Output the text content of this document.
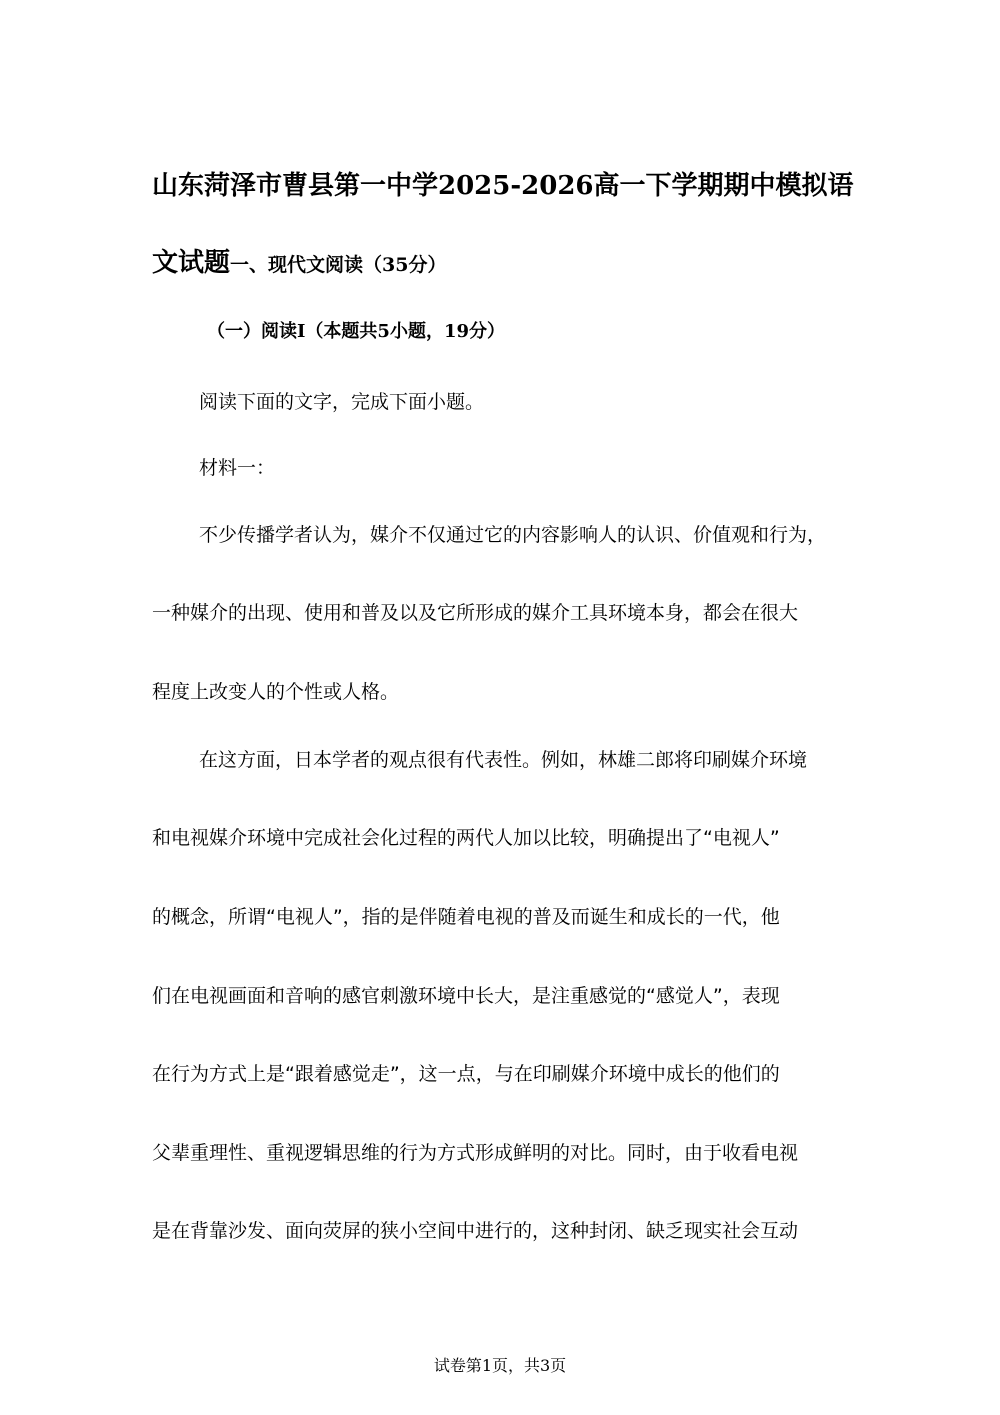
山东菏泽市曹县第一中学2025-2026高一下学期期中模拟语
文试题一、现代文阅读（35分）
（一）阅读I（本题共5小题，19分）
阅读下面的文字，完成下面小题。
材料一：
不少传播学者认为，媒介不仅通过它的内容影响人的认识、价值观和行为，
一种媒介的出现、使用和普及以及它所形成的媒介工具环境本身，都会在很大
程度上改变人的个性或人格。
在这方面，日本学者的观点很有代表性。例如，林雄二郎将印刷媒介环境
和电视媒介环境中完成社会化过程的两代人加以比较，明确提出了“电视人”
的概念，所谓“电视人”，指的是伴随着电视的普及而诞生和成长的一代，他
们在电视画面和音响的感官刺激环境中长大，是注重感觉的“感觉人”，表现
在行为方式上是“跟着感觉走”，这一点，与在印刷媒介环境中成长的他们的
父辈重理性、重视逻辑思维的行为方式形成鲜明的对比。同时，由于收看电视
是在背靠沙发、面向荧屏的狭小空间中进行的，这种封闭、缺乏现实社会互动
试卷第1页，共3页
